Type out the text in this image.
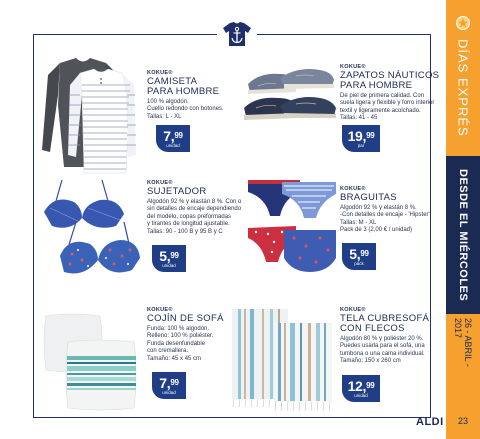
KOKUE®
CAMISETA
PARA HOMBRE
100 % algodón.
Cuello redondo con botones.
Tallas: L - XL
7,99
unidad
KOKUE®
ZAPATOS NÁUTICOS
PARA HOMBRE
De piel de primera calidad. Con
suela ligera y flexible y forro interior
textil y ligeramente acolchado.
Tallas: 41 - 45
19,99
par
KOKUE®
SUJETADOR
Algodón 92 % y elastán 8 %. Con o
sin detalles de encaje dependiendo
del modelo, copas preformadas
y tirantes de longitud ajustable.
Tallas: 90 - 100 B y 95 B y C
5,99
unidad
KOKUE®
BRAGUITAS
Algodón 92 % y elastán 8 %.
-Con detalles de encaje - 'Hipster'
Tallas: M - XL
Pack de 3 (2,00 € / unidad)
5,99
pack
KOKUE®
COJÍN DE SOFÁ
Funda: 100 % algodón.
Relleno: 100 % poliéster.
Funda desenfundable
con cremallera.
Tamaño: 45 x 45 cm
7,99
unidad
KOKUE®
TELA CUBRESOFÁ
CON FLECOS
Algodón 80 % y poliéster 20 %.
Puedes usarla para el sofá, una
tumbona o una cama individual.
Tamaño: 150 x 260 cm
12,99
unidad
ALDI
DÍAS EXPRÉS
DESDE EL MIÉRCOLES
26 - ABRIL - 2017
23
